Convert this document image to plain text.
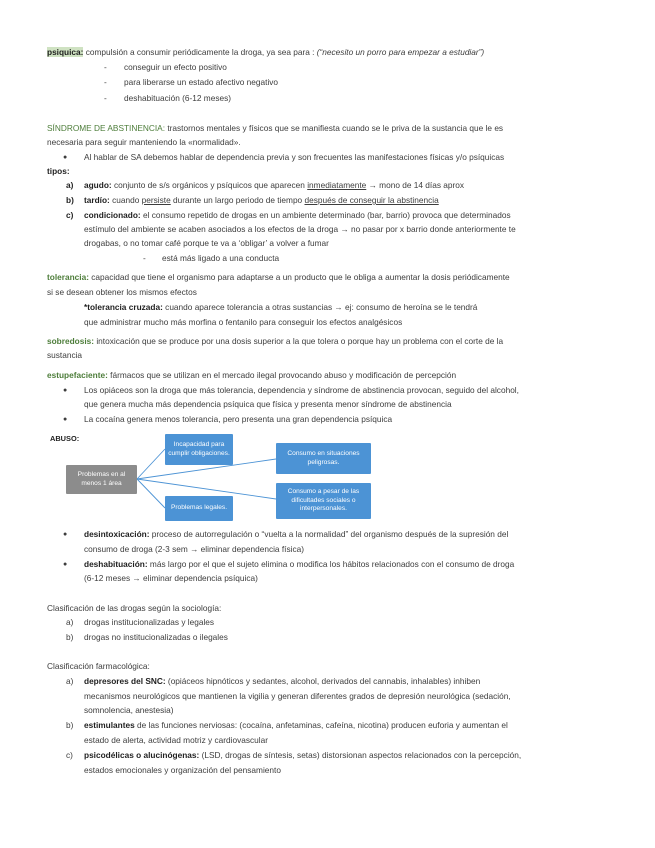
psiquica: compulsión a consumir periódicamente la droga, ya sea para : (“necesito un porro para empezar a estudiar”)
- conseguir un efecto positivo
- para liberarse un estado afectivo negativo
- deshabituación (6-12 meses)
SÍNDROME DE ABSTINENCIA: trastornos mentales y físicos que se manifiesta cuando se le priva de la sustancia que le es
necesaria para seguir manteniendo la «normalidad».
● Al hablar de SA debemos hablar de dependencia previa y son frecuentes las manifestaciones físicas y/o psíquicas
tipos:
a) agudo: conjunto de s/s orgánicos y psíquicos que aparecen inmediatamente → mono de 14 días aprox
b) tardío: cuando persiste durante un largo periodo de tiempo después de conseguir la abstinencia
c) condicionado: el consumo repetido de drogas en un ambiente determinado (bar, barrio) provoca que determinados
estímulo del ambiente se acaben asociados a los efectos de la droga → no pasar por x barrio donde anteriormente te
drogabas, o no tomar café porque te va a ‘obligar’ a volver a fumar
- está más ligado a una conducta
tolerancia: capacidad que tiene el organismo para adaptarse a un producto que le obliga a aumentar la dosis periódicamente
si se desean obtener los mismos efectos
*tolerancia cruzada: cuando aparece tolerancia a otras sustancias → ej: consumo de heroína se le tendrá
que administrar mucho más morfina o fentanilo para conseguir los efectos analgésicos
sobredosis: intoxicación que se produce por una dosis superior a la que tolera o porque hay un problema con el corte de la
sustancia
estupefaciente: fármacos que se utilizan en el mercado ilegal provocando abuso y modificación de percepción
● Los opiáceos son la droga que más tolerancia, dependencia y síndrome de abstinencia provocan, seguido del alcohol,
que genera mucha más dependencia psíquica que física y presenta menor síndrome de abstinencia
● La cocaína genera menos tolerancia, pero presenta una gran dependencia psíquica
ABUSO:
Problemas en al menos 1 área
Incapacidad para cumplir obligaciones.
Problemas legales.
Consumo en situaciones peligrosas.
Consumo a pesar de las dificultades sociales o interpersonales.
● desintoxicación: proceso de autorregulación o “vuelta a la normalidad” del organismo después de la supresión del
consumo de droga (2-3 sem → eliminar dependencia física)
● deshabituación: más largo por el que el sujeto elimina o modifica los hábitos relacionados con el consumo de droga
(6-12 meses → eliminar dependencia psíquica)
Clasificación de las drogas según la sociología:
a) drogas institucionalizadas y legales
b) drogas no institucionalizadas o ilegales
Clasificación farmacológica:
a) depresores del SNC: (opiáceos hipnóticos y sedantes, alcohol, derivados del cannabis, inhalables) inhiben
mecanismos neurológicos que mantienen la vigilia y generan diferentes grados de depresión neurológica (sedación,
somnolencia, anestesia)
b) estimulantes de las funciones nerviosas: (cocaína, anfetaminas, cafeína, nicotina) producen euforia y aumentan el
estado de alerta, actividad motriz y cardiovascular
c) psicodélicas o alucinógenas: (LSD, drogas de síntesis, setas) distorsionan aspectos relacionados con la percepción,
estados emocionales y organización del pensamiento
